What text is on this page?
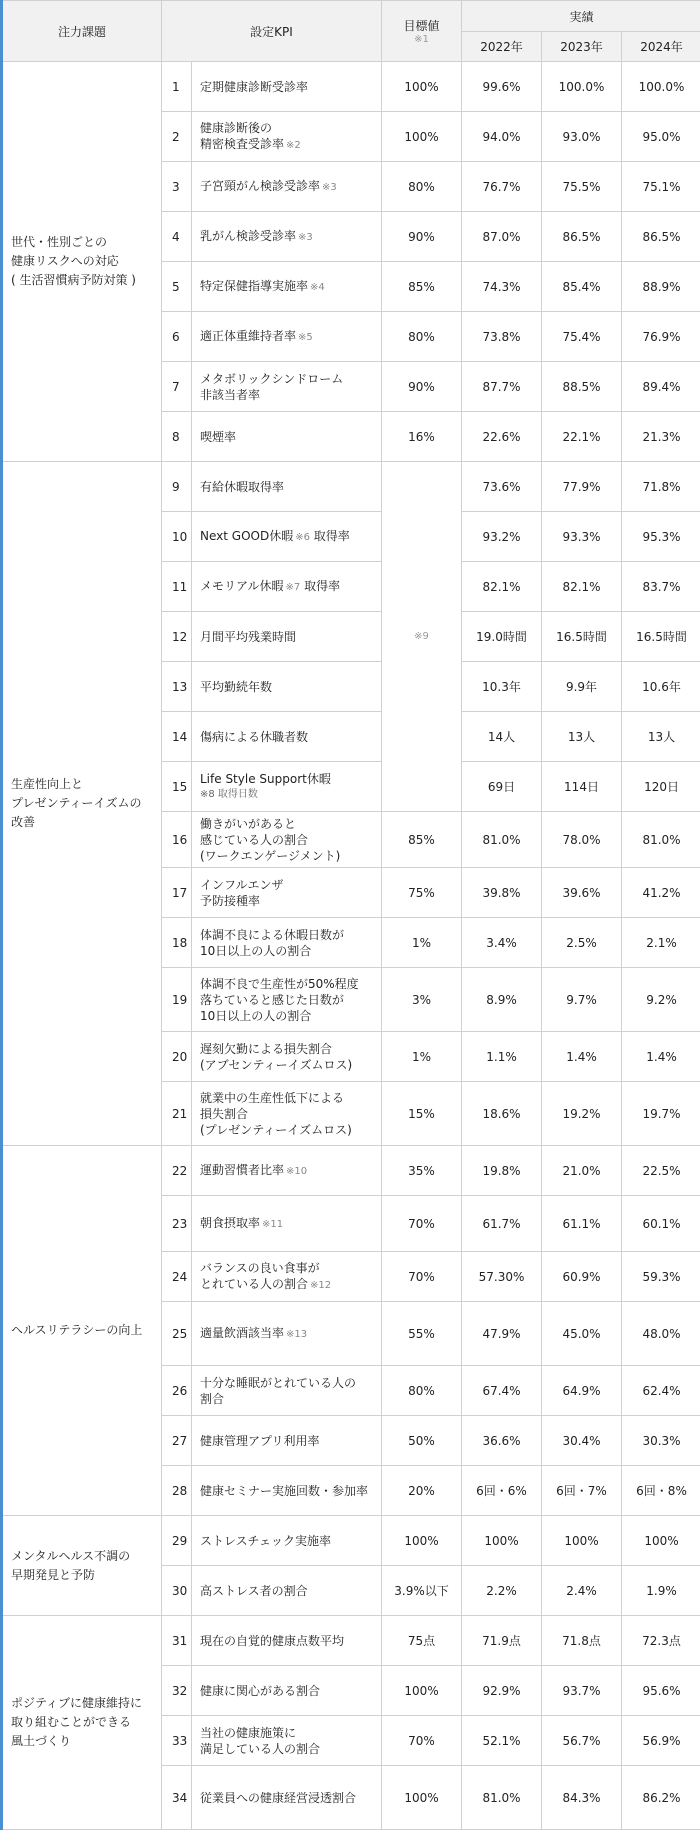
注力課題	設定KPI		目標値
※1	実績		
				2022年	2023年	2024年
世代・性別ごとの
健康リスクへの対応
( 生活習慣病予防対策 )	1	定期健康診断受診率	100%	99.6%	100.0%	100.0%
	2	健康診断後の
精密検査受診率 ※2	100%	94.0%	93.0%	95.0%
	3	子宮頸がん検診受診率 ※3	80%	76.7%	75.5%	75.1%
	4	乳がん検診受診率 ※3	90%	87.0%	86.5%	86.5%
	5	特定保健指導実施率 ※4	85%	74.3%	85.4%	88.9%
	6	適正体重維持者率 ※5	80%	73.8%	75.4%	76.9%
	7	メタボリックシンドローム
非該当者率	90%	87.7%	88.5%	89.4%
	8	喫煙率	16%	22.6%	22.1%	21.3%
生産性向上と
プレゼンティーイズムの
改善	9	有給休暇取得率	※9	73.6%	77.9%	71.8%
	10	Next GOOD休暇 ※6 取得率		93.2%	93.3%	95.3%
	11	メモリアル休暇 ※7 取得率		82.1%	82.1%	83.7%
	12	月間平均残業時間		19.0時間	16.5時間	16.5時間
	13	平均勤続年数		10.3年	9.9年	10.6年
	14	傷病による休職者数		14人	13人	13人
	15	Life Style Support休暇
※8 取得日数		69日	114日	120日
	16	働きがいがあると
感じている人の割合
(ワークエンゲージメント)	85%	81.0%	78.0%	81.0%
	17	インフルエンザ
予防接種率	75%	39.8%	39.6%	41.2%
	18	体調不良による休暇日数が
10日以上の人の割合	1%	3.4%	2.5%	2.1%
	19	体調不良で生産性が50%程度
落ちていると感じた日数が
10日以上の人の割合	3%	8.9%	9.7%	9.2%
	20	遅刻欠勤による損失割合
(アブセンティーイズムロス)	1%	1.1%	1.4%	1.4%
	21	就業中の生産性低下による
損失割合
(プレゼンティーイズムロス)	15%	18.6%	19.2%	19.7%
ヘルスリテラシーの向上	22	運動習慣者比率 ※10	35%	19.8%	21.0%	22.5%
	23	朝食摂取率 ※11	70%	61.7%	61.1%	60.1%
	24	バランスの良い食事が
とれている人の割合 ※12	70%	57.30%	60.9%	59.3%
	25	適量飲酒該当率 ※13	55%	47.9%	45.0%	48.0%
	26	十分な睡眠がとれている人の
割合	80%	67.4%	64.9%	62.4%
	27	健康管理アプリ利用率	50%	36.6%	30.4%	30.3%
	28	健康セミナー実施回数・参加率	20%	6回・6%	6回・7%	6回・8%
メンタルヘルス不調の
早期発見と予防	29	ストレスチェック実施率	100%	100%	100%	100%
	30	高ストレス者の割合	3.9%以下	2.2%	2.4%	1.9%
ポジティブに健康維持に
取り組むことができる
風土づくり	31	現在の自覚的健康点数平均	75点	71.9点	71.8点	72.3点
	32	健康に関心がある割合	100%	92.9%	93.7%	95.6%
	33	当社の健康施策に
満足している人の割合	70%	52.1%	56.7%	56.9%
	34	従業員への健康経営浸透割合	100%	81.0%	84.3%	86.2%
